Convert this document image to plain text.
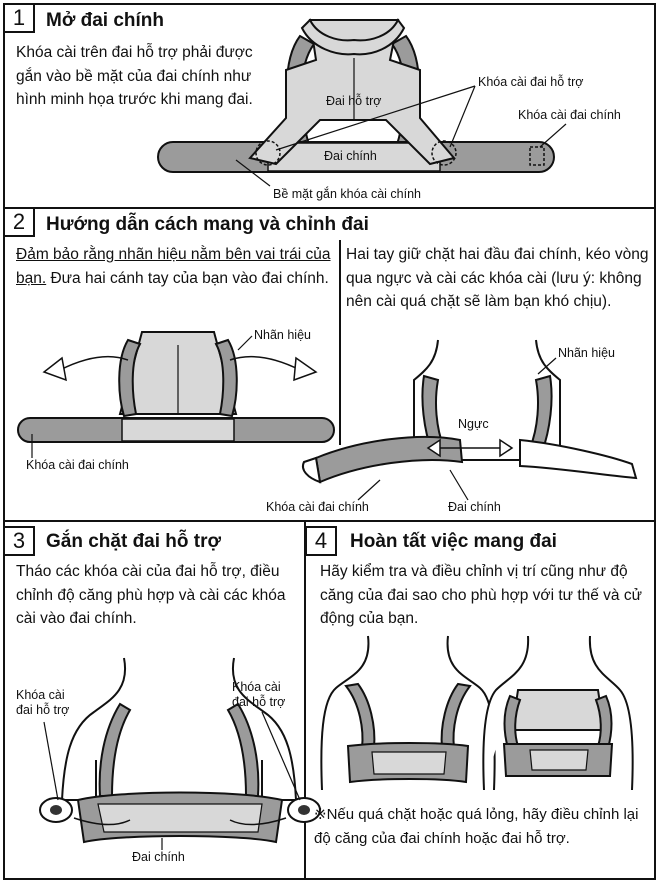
1	Mở đai chính
Khóa cài trên đai hỗ trợ phải được gắn vào bề mặt của đai chính như hình minh họa trước khi mang đai.	Đai hỗ trợ
Đai chính
Khóa cài đai hỗ trợ
Khóa cài đai chính
Bề mặt gắn khóa cài chính
2	Hướng dẫn cách mang và chỉnh đai
Đảm bảo rằng nhãn hiệu nằm bên vai trái của bạn. Đưa hai cánh tay của bạn vào đai chính.
Hai tay giữ chặt hai đầu đai chính, kéo vòng qua ngực và cài các khóa cài (lưu ý: không nên cài quá chặt sẽ làm bạn khó chịu).
Nhãn hiệu
Khóa cài đai chính
Nhãn hiệu
Ngực
Khóa cài đai chính	Đai chính
3	Gắn chặt đai hỗ trợ
Tháo các khóa cài của đai hỗ trợ, điều chỉnh độ căng phù hợp và cài các khóa cài vào đai chính.
Khóa cài
đai hỗ trợ
Khóa cài
đai hỗ trợ
Đai chính
4	Hoàn tất việc mang đai
Hãy kiểm tra và điều chỉnh vị trí cũng như độ căng của đai sao cho phù hợp với tư thế và cử động của bạn.
※Nếu quá chặt hoặc quá lỏng, hãy điều chỉnh lại độ căng của đai chính hoặc đai hỗ trợ.
